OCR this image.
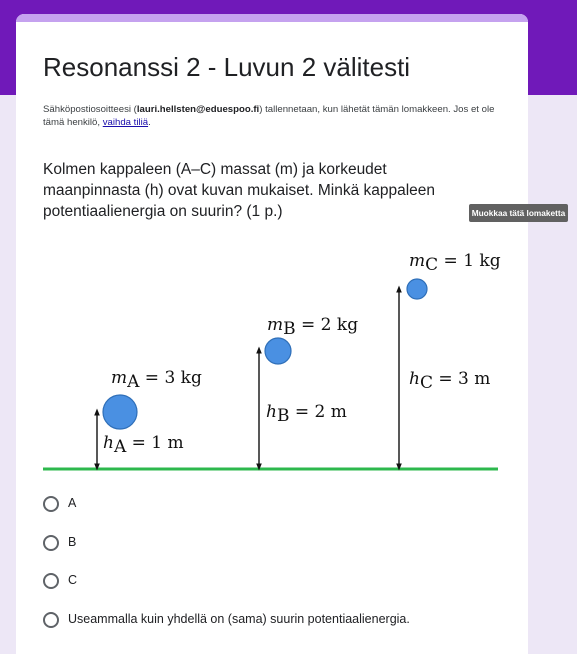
Resonanssi 2 - Luvun 2 välitesti
Sähköpostiosoitteesi (lauri.hellsten@eduespoo.fi) tallennetaan, kun lähetät tämän lomakkeen. Jos et ole tämä henkilö, vaihda tiliä.
Kolmen kappaleen (A–C) massat (m) ja korkeudet maanpinnasta (h) ovat kuvan mukaiset. Minkä kappaleen potentiaalienergia on suurin? (1 p.)
mA = 3 kg
hA = 1 m
mB = 2 kg
hB = 2 m
mC = 1 kg
hC = 3 m
A
B
C
Useammalla kuin yhdellä on (sama) suurin potentiaalienergia.
Muokkaa tätä lomaketta
